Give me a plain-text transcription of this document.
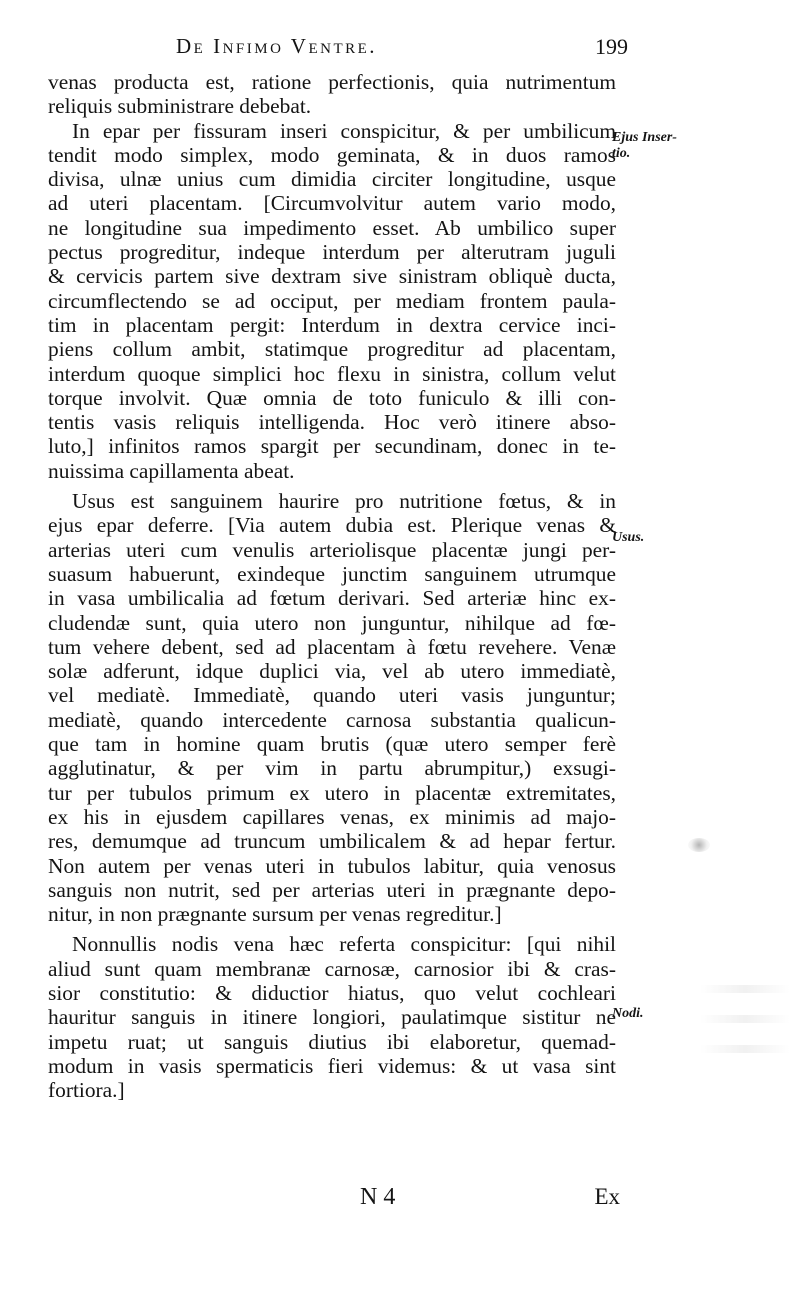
De Infimo Ventre.	199
venas producta est, ratione perfectionis, quia nutrimentum
reliquis subministrare debebat.
In epar per fissuram inseri conspicitur, & per umbilicum
tendit modo simplex, modo geminata, & in duos ramos
divisa, ulnæ unius cum dimidia circiter longitudine, usque
ad uteri placentam. [Circumvolvitur autem vario modo,
ne longitudine sua impedimento esset. Ab umbilico super
pectus progreditur, indeque interdum per alterutram juguli
& cervicis partem sive dextram sive sinistram obliquè ducta,
circumflectendo se ad occiput, per mediam frontem paula-
tim in placentam pergit: Interdum in dextra cervice inci-
piens collum ambit, statimque progreditur ad placentam,
interdum quoque simplici hoc flexu in sinistra, collum velut
torque involvit. Quæ omnia de toto funiculo & illi con-
tentis vasis reliquis intelligenda. Hoc verò itinere abso-
luto,] infinitos ramos spargit per secundinam, donec in te-
nuissima capillamenta abeat.
Usus est sanguinem haurire pro nutritione fœtus, & in
ejus epar deferre. [Via autem dubia est. Plerique venas &
arterias uteri cum venulis arteriolisque placentæ jungi per-
suasum habuerunt, exindeque junctim sanguinem utrumque
in vasa umbilicalia ad fœtum derivari. Sed arteriæ hinc ex-
cludendæ sunt, quia utero non junguntur, nihilque ad fœ-
tum vehere debent, sed ad placentam à fœtu revehere. Venæ
solæ adferunt, idque duplici via, vel ab utero immediatè,
vel mediatè. Immediatè, quando uteri vasis junguntur;
mediatè, quando intercedente carnosa substantia qualicun-
que tam in homine quam brutis (quæ utero semper ferè
agglutinatur, & per vim in partu abrumpitur,) exsugi-
tur per tubulos primum ex utero in placentæ extremitates,
ex his in ejusdem capillares venas, ex minimis ad majo-
res, demumque ad truncum umbilicalem & ad hepar fertur.
Non autem per venas uteri in tubulos labitur, quia venosus
sanguis non nutrit, sed per arterias uteri in prægnante depo-
nitur, in non prægnante sursum per venas regreditur.]
Nonnullis nodis vena hæc referta conspicitur: [qui nihil
aliud sunt quam membranæ carnosæ, carnosior ibi & cras-
sior constitutio: & diductior hiatus, quo velut cochleari
hauritur sanguis in itinere longiori, paulatimque sistitur ne
impetu ruat; ut sanguis diutius ibi elaboretur, quemad-
modum in vasis spermaticis fieri videmus: & ut vasa sint
fortiora.]
Ejus Inser-
tio.
Usus.
Nodi.
N 4	Ex
